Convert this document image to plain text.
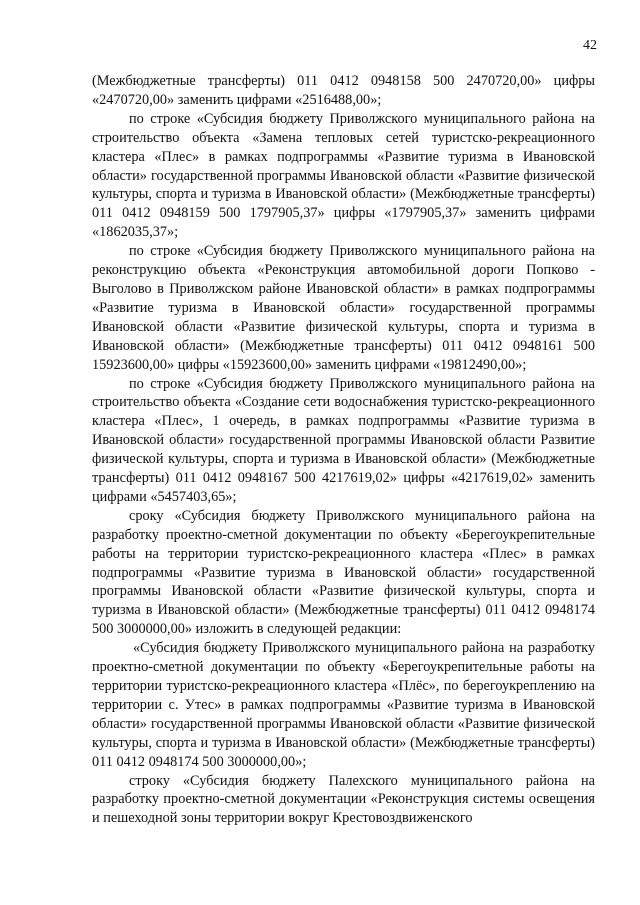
42

(Межбюджетные трансферты) 011 0412 0948158 500 2470720,00» цифры «2470720,00» заменить цифрами «2516488,00»;

по строке «Субсидия бюджету Приволжского муниципального района на строительство объекта «Замена тепловых сетей туристско-рекреационного кластера «Плес» в рамках подпрограммы «Развитие туризма в Ивановской области» государственной программы Ивановской области «Развитие физической культуры, спорта и туризма в Ивановской области» (Межбюджетные трансферты) 011 0412 0948159 500 1797905,37» цифры «1797905,37» заменить цифрами «1862035,37»;

по строке «Субсидия бюджету Приволжского муниципального района на реконструкцию объекта «Реконструкция автомобильной дороги Попково - Выголово в Приволжском районе Ивановской области» в рамках подпрограммы «Развитие туризма в Ивановской области» государственной программы Ивановской области «Развитие физической культуры, спорта и туризма в Ивановской области» (Межбюджетные трансферты) 011 0412 0948161 500 15923600,00» цифры «15923600,00» заменить цифрами «19812490,00»;

по строке «Субсидия бюджету Приволжского муниципального района на строительство объекта «Создание сети водоснабжения туристско-рекреационного кластера «Плес», 1 очередь, в рамках подпрограммы «Развитие туризма в Ивановской области» государственной программы Ивановской области Развитие физической культуры, спорта и туризма в Ивановской области» (Межбюджетные трансферты) 011 0412 0948167 500 4217619,02» цифры «4217619,02» заменить цифрами «5457403,65»;

сроку «Субсидия бюджету Приволжского муниципального района на разработку проектно-сметной документации по объекту «Берегоукрепительные работы на территории туристско-рекреационного кластера «Плес» в рамках подпрограммы «Развитие туризма в Ивановской области» государственной программы Ивановской области «Развитие физической культуры, спорта и туризма в Ивановской области» (Межбюджетные трансферты) 011 0412 0948174 500 3000000,00» изложить в следующей редакции:

«Субсидия бюджету Приволжского муниципального района на разработку проектно-сметной документации по объекту «Берегоукрепительные работы на территории туристско-рекреационного кластера «Плёс», по берегоукреплению на территории с. Утес» в рамках подпрограммы «Развитие туризма в Ивановской области» государственной программы Ивановской области «Развитие физической культуры, спорта и туризма в Ивановской области» (Межбюджетные трансферты) 011 0412 0948174 500 3000000,00»;

строку «Субсидия бюджету Палехского муниципального района на разработку проектно-сметной документации «Реконструкция системы освещения и пешеходной зоны территории вокруг Крестовоздвиженского
